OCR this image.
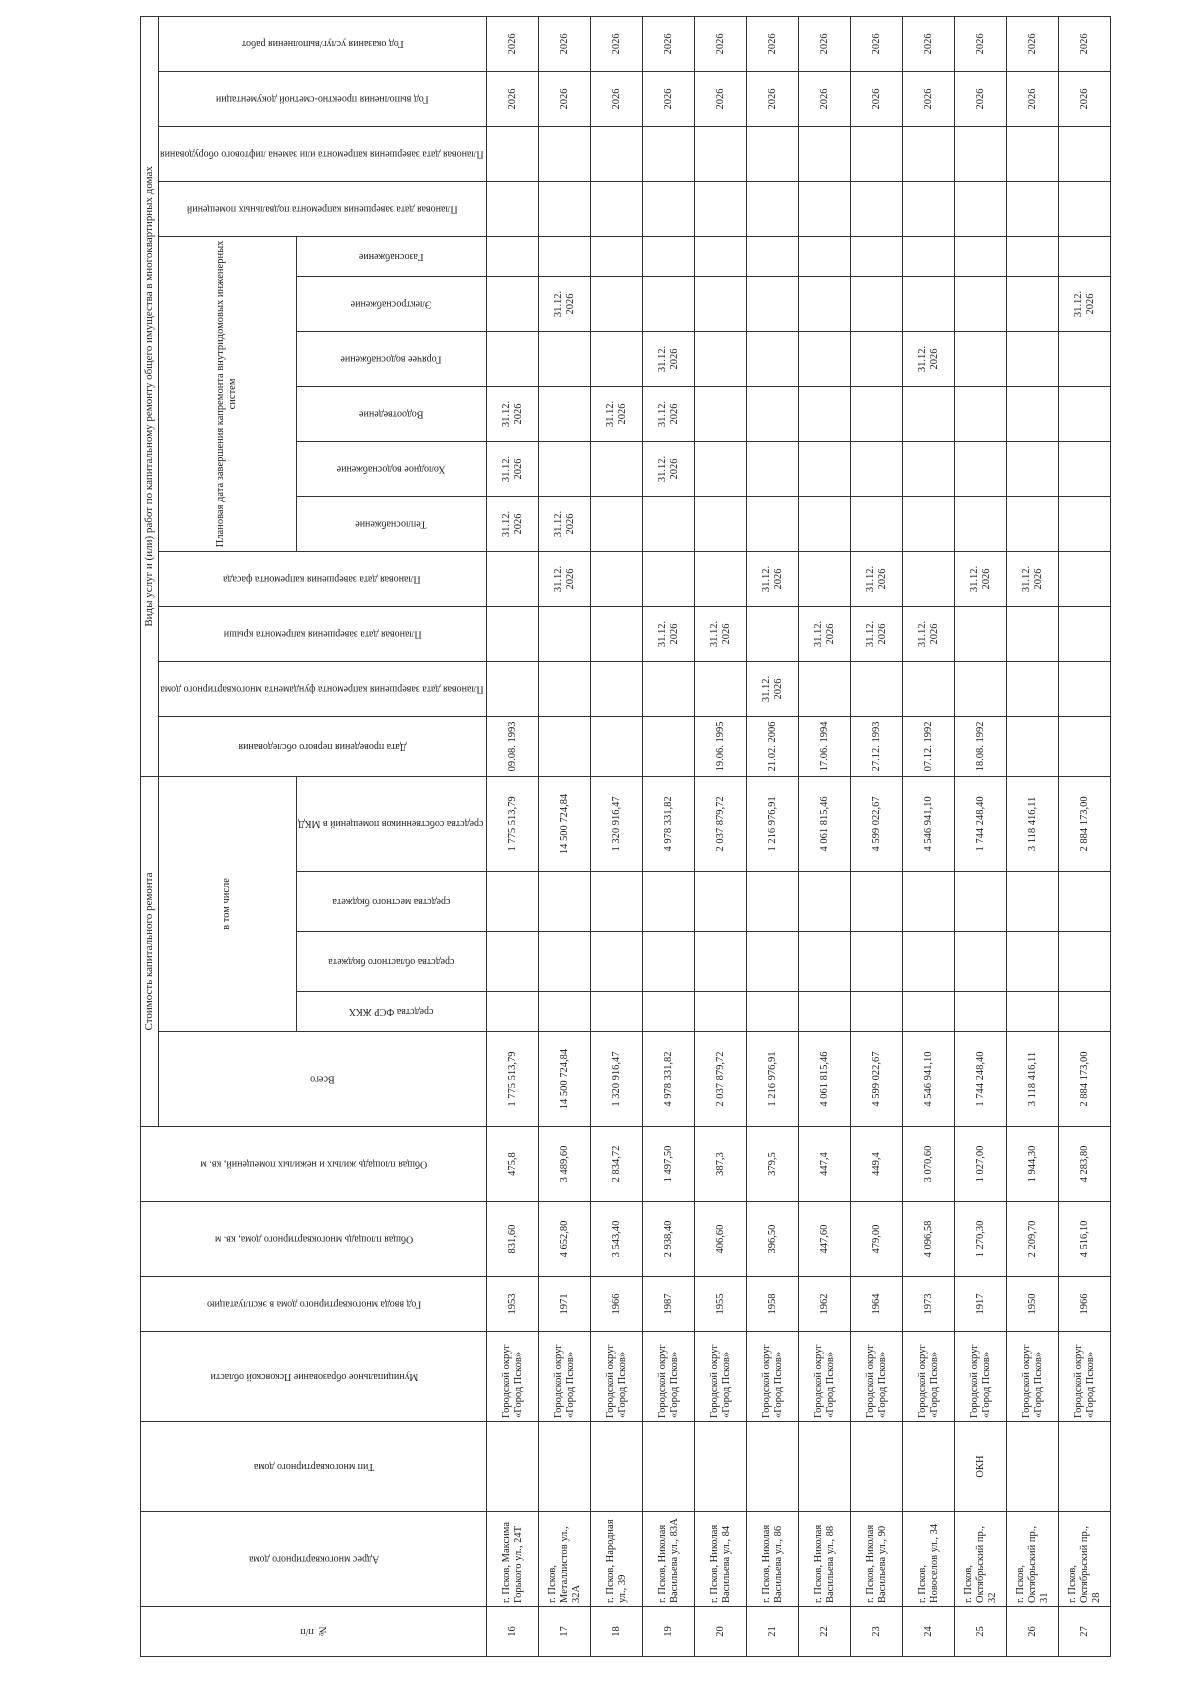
№ п/п	Адрес многоквартирного дома	Тип многоквартирного дома	Муниципальное образование Псковской области	Год ввода многоквартирного дома в эксплуатацию	Общая площадь многоквартирного дома, кв. м	Общая площадь жилых и нежилых помещений, кв. м	Стоимость капитального ремонта					Виды услуг и (или) работ по капитальному ремонту общего имущества в многоквартирных домах													
							Всего	в том числе				Дата проведения первого обследования	Плановая дата завершения капремонта фундамента многоквартирного дома	Плановая дата завершения капремонта крыши	Плановая дата завершения капремонта фасада	Плановая дата завершения капремонта внутридомовых инженерных систем						Плановая дата завершения капремонта подвальных помещений	Плановая дата завершения капремонта или замена лифтового оборудования	Год выполнения проектно-сметной документации	Год оказания услуг/выполнения работ
								средства ФСР ЖКХ	средства областного бюджета	средства местного бюджета	средства собственников помещений в МКД					Теплоснабжение	Холодное водоснабжение	Водоотведение	Горячее водоснабжение	Электроснабжение	Газоснабжение				
16	г. Псков, Максима Горького ул., 24Т		Городской округ «Город Псков»	1953	831,60	475,8	1 775 513,79				1 775 513,79	09.08. 1993				31.12. 2026	31.12. 2026	31.12. 2026						2026	2026
17	г. Псков, Металлистов ул., 32А		Городской округ «Город Псков»	1971	4 652,80	3 489,60	14 500 724,84				14 500 724,84				31.12. 2026	31.12. 2026				31.12. 2026				2026	2026
18	г. Псков, Народная ул., 39		Городской округ «Город Псков»	1966	3 543,40	2 834,72	1 320 916,47				1 320 916,47							31.12. 2026						2026	2026
19	г. Псков, Николая Васильева ул., 83А		Городской округ «Город Псков»	1987	2 938,40	1 497,50	4 978 331,82				4 978 331,82			31.12. 2026			31.12. 2026	31.12. 2026	31.12. 2026					2026	2026
20	г. Псков, Николая Васильева ул., 84		Городской округ «Город Псков»	1955	406,60	387,3	2 037 879,72				2 037 879,72	19.06. 1995		31.12. 2026										2026	2026
21	г. Псков, Николая Васильева ул., 86		Городской округ «Город Псков»	1958	396,50	379,5	1 216 976,91				1 216 976,91	21.02. 2006	31.12. 2026		31.12. 2026									2026	2026
22	г. Псков, Николая Васильева ул., 88		Городской округ «Город Псков»	1962	447,60	447,4	4 061 815,46				4 061 815,46	17.06. 1994		31.12. 2026										2026	2026
23	г. Псков, Николая Васильева ул., 90		Городской округ «Город Псков»	1964	479,00	449,4	4 599 022,67				4 599 022,67	27.12. 1993		31.12. 2026	31.12. 2026									2026	2026
24	г. Псков, Новоселов ул., 34		Городской округ «Город Псков»	1973	4 096,58	3 070,60	4 546 941,10				4 546 941,10	07.12. 1992		31.12. 2026					31.12. 2026					2026	2026
25	г. Псков, Октябрьский пр., 32	ОКН	Городской округ «Город Псков»	1917	1 270,30	1 027,00	1 744 248,40				1 744 248,40	18.08. 1992			31.12. 2026									2026	2026
26	г. Псков, Октябрьский пр., 31		Городской округ «Город Псков»	1950	2 209,70	1 944,30	3 118 416,11				3 118 416,11				31.12. 2026									2026	2026
27	г. Псков, Октябрьский пр., 28		Городской округ «Город Псков»	1966	4 516,10	4 283,80	2 884 173,00				2 884 173,00									31.12. 2026				2026	2026
